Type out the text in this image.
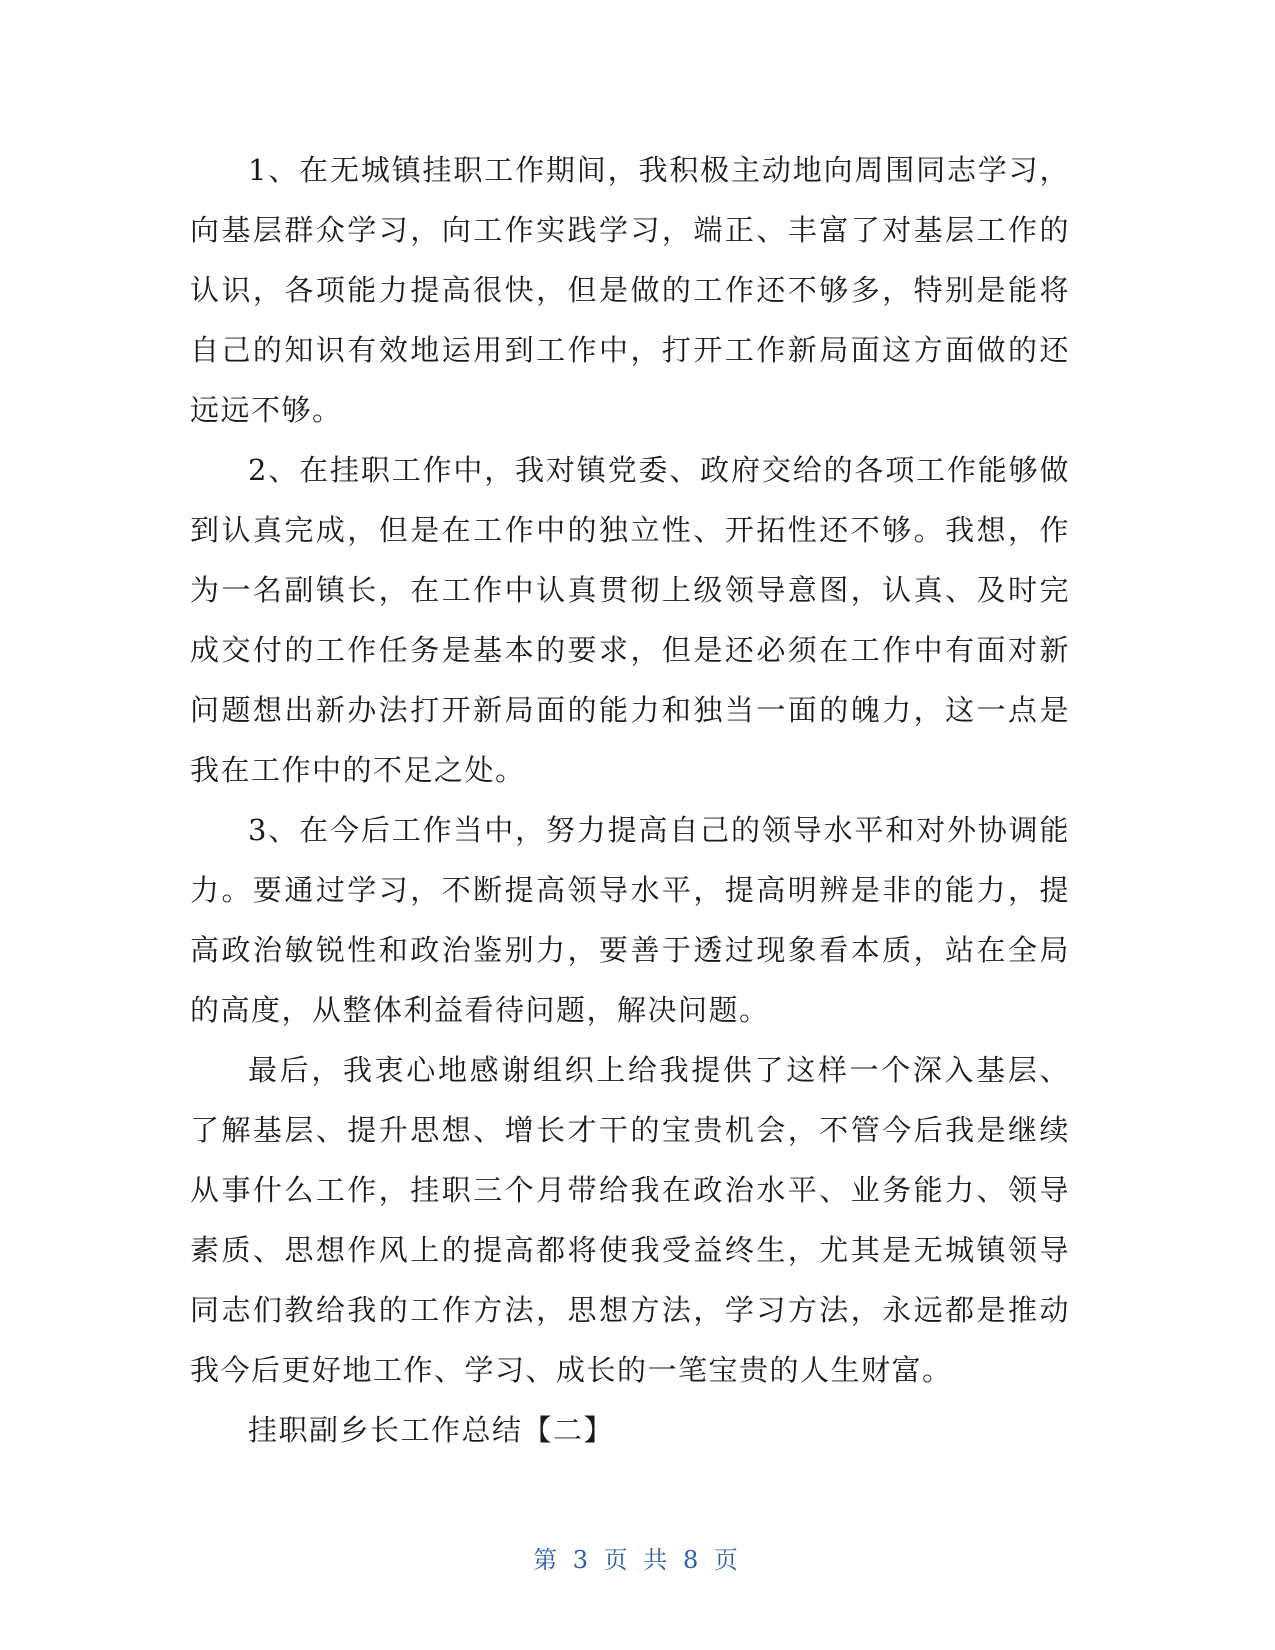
1、在无城镇挂职工作期间，我积极主动地向周围同志学习，向基层群众学习，向工作实践学习，端正、丰富了对基层工作的认识，各项能力提高很快，但是做的工作还不够多，特别是能将自己的知识有效地运用到工作中，打开工作新局面这方面做的还远远不够。

2、在挂职工作中，我对镇党委、政府交给的各项工作能够做到认真完成，但是在工作中的独立性、开拓性还不够。我想，作为一名副镇长，在工作中认真贯彻上级领导意图，认真、及时完成交付的工作任务是基本的要求，但是还必须在工作中有面对新问题想出新办法打开新局面的能力和独当一面的魄力，这一点是我在工作中的不足之处。

3、在今后工作当中，努力提高自己的领导水平和对外协调能力。要通过学习，不断提高领导水平，提高明辨是非的能力，提高政治敏锐性和政治鉴别力，要善于透过现象看本质，站在全局的高度，从整体利益看待问题，解决问题。

最后，我衷心地感谢组织上给我提供了这样一个深入基层、了解基层、提升思想、增长才干的宝贵机会，不管今后我是继续从事什么工作，挂职三个月带给我在政治水平、业务能力、领导素质、思想作风上的提高都将使我受益终生，尤其是无城镇领导同志们教给我的工作方法，思想方法，学习方法，永远都是推动我今后更好地工作、学习、成长的一笔宝贵的人生财富。

挂职副乡长工作总结【二】

第 3 页 共 8 页
